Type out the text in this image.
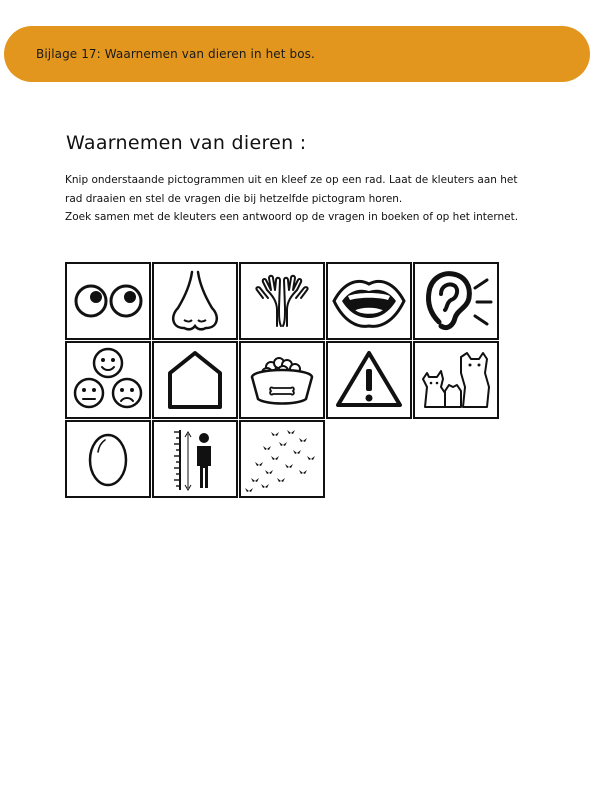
Bijlage 17: Waarnemen van dieren in het bos.
Waarnemen van dieren :

Knip onderstaande pictogrammen uit en kleef ze op een rad. Laat de kleuters aan het rad draaien en stel de vragen die bij hetzelfde pictogram horen.

Zoek samen met de kleuters een antwoord op de vragen in boeken of op het internet.
